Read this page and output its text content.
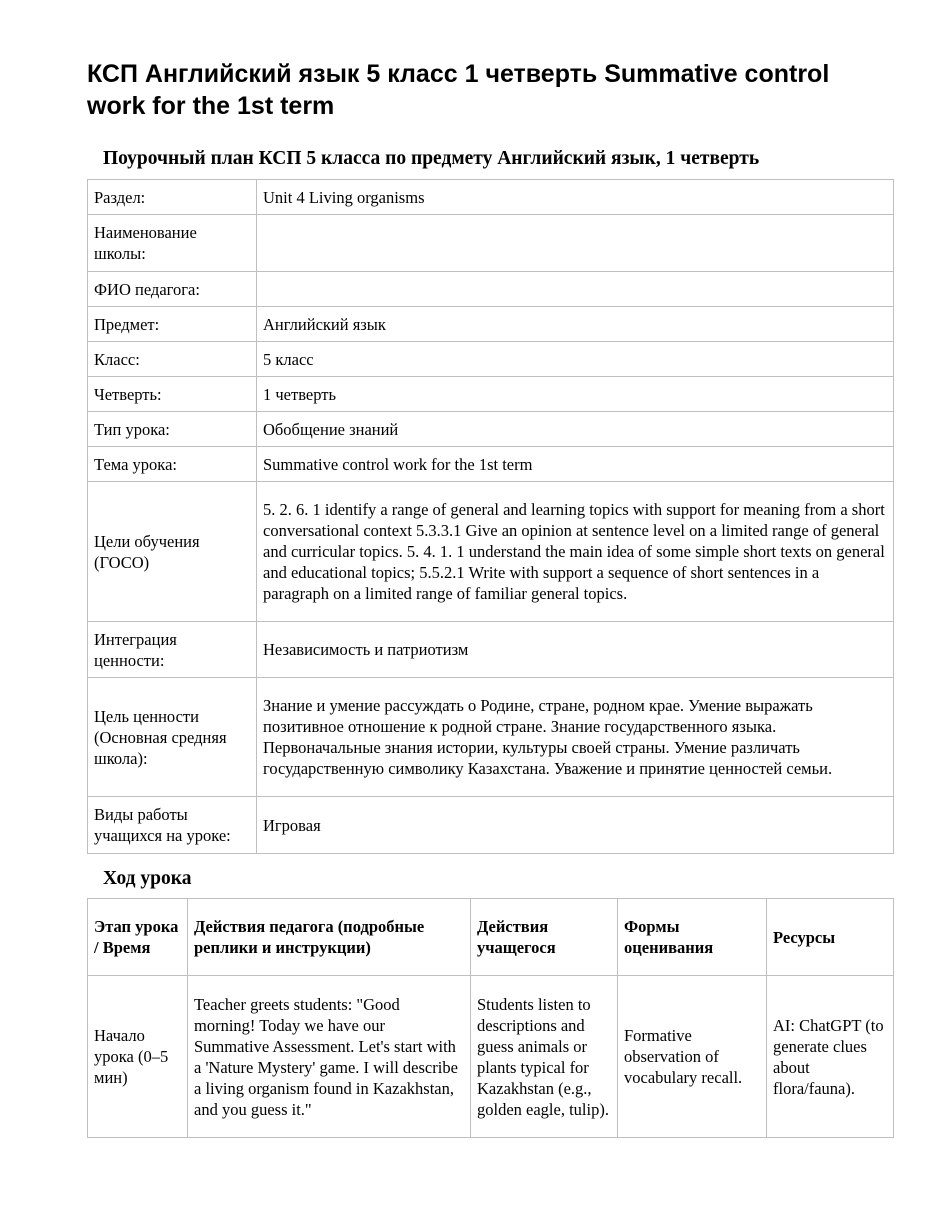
КСП Английский язык 5 класс 1 четверть Summative control work for the 1st term
Поурочный план КСП 5 класса по предмету Английский язык, 1 четверть
Раздел:	Unit 4 Living organisms
Наименование школы:	
ФИО педагога:	
Предмет:	Английский язык
Класс:	5 класс
Четверть:	1 четверть
Тип урока:	Обобщение знаний
Тема урока:	Summative control work for the 1st term
Цели обучения (ГОСО)	5. 2. 6. 1 identify a range of general and learning topics with support for meaning from a short conversational context 5.3.3.1 Give an opinion at sentence level on a limited range of general and curricular topics. 5. 4. 1. 1 understand the main idea of some simple short texts on general and educational topics; 5.5.2.1 Write with support a sequence of short sentences in a paragraph on a limited range of familiar general topics.
Интеграция ценности:	Независимость и патриотизм
Цель ценности (Основная средняя школа):	Знание и умение рассуждать о Родине, стране, родном крае. Умение выражать позитивное отношение к родной стране. Знание государственного языка. Первоначальные знания истории, культуры своей страны. Умение различать государственную символику Казахстана. Уважение и принятие ценностей семьи.
Виды работы учащихся на уроке:	Игровая
Ход урока
Этап урока / Время	Действия педагога (подробные реплики и инструкции)	Действия учащегося	Формы оценивания	Ресурсы
Начало урока (0–5 мин)	Teacher greets students: "Good morning! Today we have our Summative Assessment. Let's start with a 'Nature Mystery' game. I will describe a living organism found in Kazakhstan, and you guess it."	Students listen to descriptions and guess animals or plants typical for Kazakhstan (e.g., golden eagle, tulip).	Formative observation of vocabulary recall.	AI: ChatGPT (to generate clues about flora/fauna).
